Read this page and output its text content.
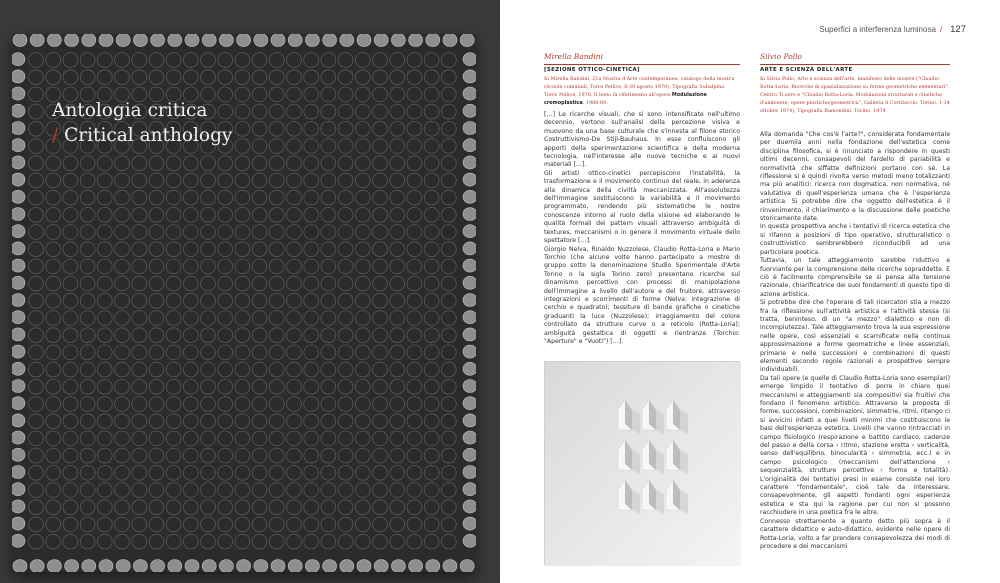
Antologia critica
/ Critical anthology
Superfici a interferenza luminosa / 127

Mirella Bandini

[SEZIONE OTTICO-CINETICA]

In Mirella Bandini, 21a Mostra d'Arte contemporanea, catalogo della mostra (Scuole comunali, Torre Pellice, 8-30 agosto 1970), Tipografia Subalpina, Torre Pellice, 1970. Il testo fa riferimento all'opera Modulazione cromoplastica, 1968-69.

[…] Le ricerche visuali, che si sono intensificate nell'ultimo decennio, vertono sull'analisi della percezione visiva e muovono da una base culturale che s'innesta al filone storico Costruttivismo-De Stijl-Bauhaus. In esse confluiscono gli apporti della sperimentazione scientifica e della moderna tecnologia, nell'interesse alle nuove tecniche e ai nuovi materiali […].

Gli artisti ottico-cinetici percepiscono l'instabilità, la trasformazione e il movimento continuo del reale, in aderenza alla dinamica della civiltà meccanizzata. All'assolutezza dell'immagine sostituiscono la variabilità e il movimento programmato, rendendo più sistematiche le nostre conoscenze intorno al ruolo della visione ed elaborando le qualità formali dei pattern visuali attraverso ambiguità di textures, meccanismi o in genere il movimento virtuale dello spettatore […].

Giorgio Nelva, Rinaldo Nuzzolese, Claudio Rotta-Loria e Mario Torchio (che alcune volte hanno partecipato a mostre di gruppo sotto la denominazione Studio Sperimentale d'Arte Torino o la sigla Torino zero) presentano ricerche sul dinamismo percettivo con processi di manipolazione dell'immagine a livello dell'autore e del fruitore, attraverso integrazioni e scorrimenti di forme (Nelva: integrazione di cerchio e quadrato); tessiture di bande grafiche o cinetiche graduanti la luce (Nuzzolese); irraggiamento del colore controllato da strutture curve o a reticolo (Rotta-Loria); ambiguità gestaltica di oggetti e rientranze (Torchio: "Aperture" e "Vuoti") […].

Silvio Pollo

ARTE E SCIENZA DELL'ARTE

In Silvio Pollo, Arte e scienza dell'arte, manifesto delle mostre ("Claudio Rotta-Loria. Ricerche di spazializzazione su forme geometriche elementari", Centro Ti.zero e "Claudio Rotta-Loria. Modulazioni strutturali e cinetiche d'ambiente, opere plastiche/geometrica", Galleria il Cortilaccio, Torino, 1-14 ottobre 1974), Tipografia Ramondini, Torino, 1974

Alla domanda "Che cos'è l'arte?", considerata fondamentale per duemila anni nella fondazione dell'estetica come disciplina filosofica, si è rinunciato a rispondere in questi ultimi decenni, consapevoli del fardello di pariabilità e normatività che siffatte definizioni portano con sé. La riflessione si è quindi rivolta verso metodi meno totalizzanti ma più analitici: ricerca non dogmatica, non normativa, né valutativa di quell'esperienza umana che è l'esperienza artistica. Si potrebbe dire che oggetto dell'estetica è il rinvenimento, il chiarimento e la discussione delle poetiche storicamente date.

In questa prospettiva anche i tentativi di ricerca estetica che si rifanno a posizioni di tipo operativo, strutturalistico o costruttivistico sembrerebbero riconducibili ad una particolare poetica.

Tuttavia, un tale atteggiamento sarebbe riduttivo e fuorviante per la comprensione delle ricerche sopraddette. E ciò è facilmente comprensibile se si pensa alla tensione razionale, chiarificatrice dei suoi fondamenti di questo tipo di azione artistica.

Si potrebbe dire che l'operare di tali ricercatori stia a mezzo fra la riflessione sull'attività artistica e l'attività stessa (si tratta, beninteso, di un "a mezzo" dialettico e non di incompiutezza). Tale atteggiamento trova la sua espressione nelle opere, così essenziali e scarnificate nella continua approssimazione a forme geometriche e linee essenziali, primarie e nelle successioni e combinazioni di questi elementi secondo regole razionali e prospettive sempre individuabili.

Da tali opere (e quelle di Claudio Rotta-Loria sono esemplari) emerge limpido il tentativo di porre in chiaro quei meccanismi e atteggiamenti sia compositivi sia fruitivi che fondano il fenomeno artistico. Attraverso la proposta di forme, successioni, combinazioni, simmetrie, ritmi, ritengo ci si avvicini infatti a quei livelli minimi che costituiscono le basi dell'esperienza estetica. Livelli che vanno rintracciati in campo fisiologico (respirazione e battito cardiaco, cadenze del passo e della corsa › ritmo, stazione eretta › verticalità, senso dell'equilibrio, binocularità › simmetria, ecc.) e in campo psicologico (meccanismi dell'attenzione › sequenzialità, strutture percettive › forma e totalità). L'originalità dei tentativi presi in esame consiste nel loro carattere "fondamentale", cioè tale da interessare, consapevolmente, gli aspetti fondanti ogni esperienza estetica e sta qui la ragione per cui non si possono racchiudere in una poetica fra le altre.

Connesso strettamente a quanto detto più sopra è il carattere didattico e auto-didattico, evidente nelle opere di Rotta-Loria, volto a far prendere consapevolezza dei modi di procedere e dei meccanismi
